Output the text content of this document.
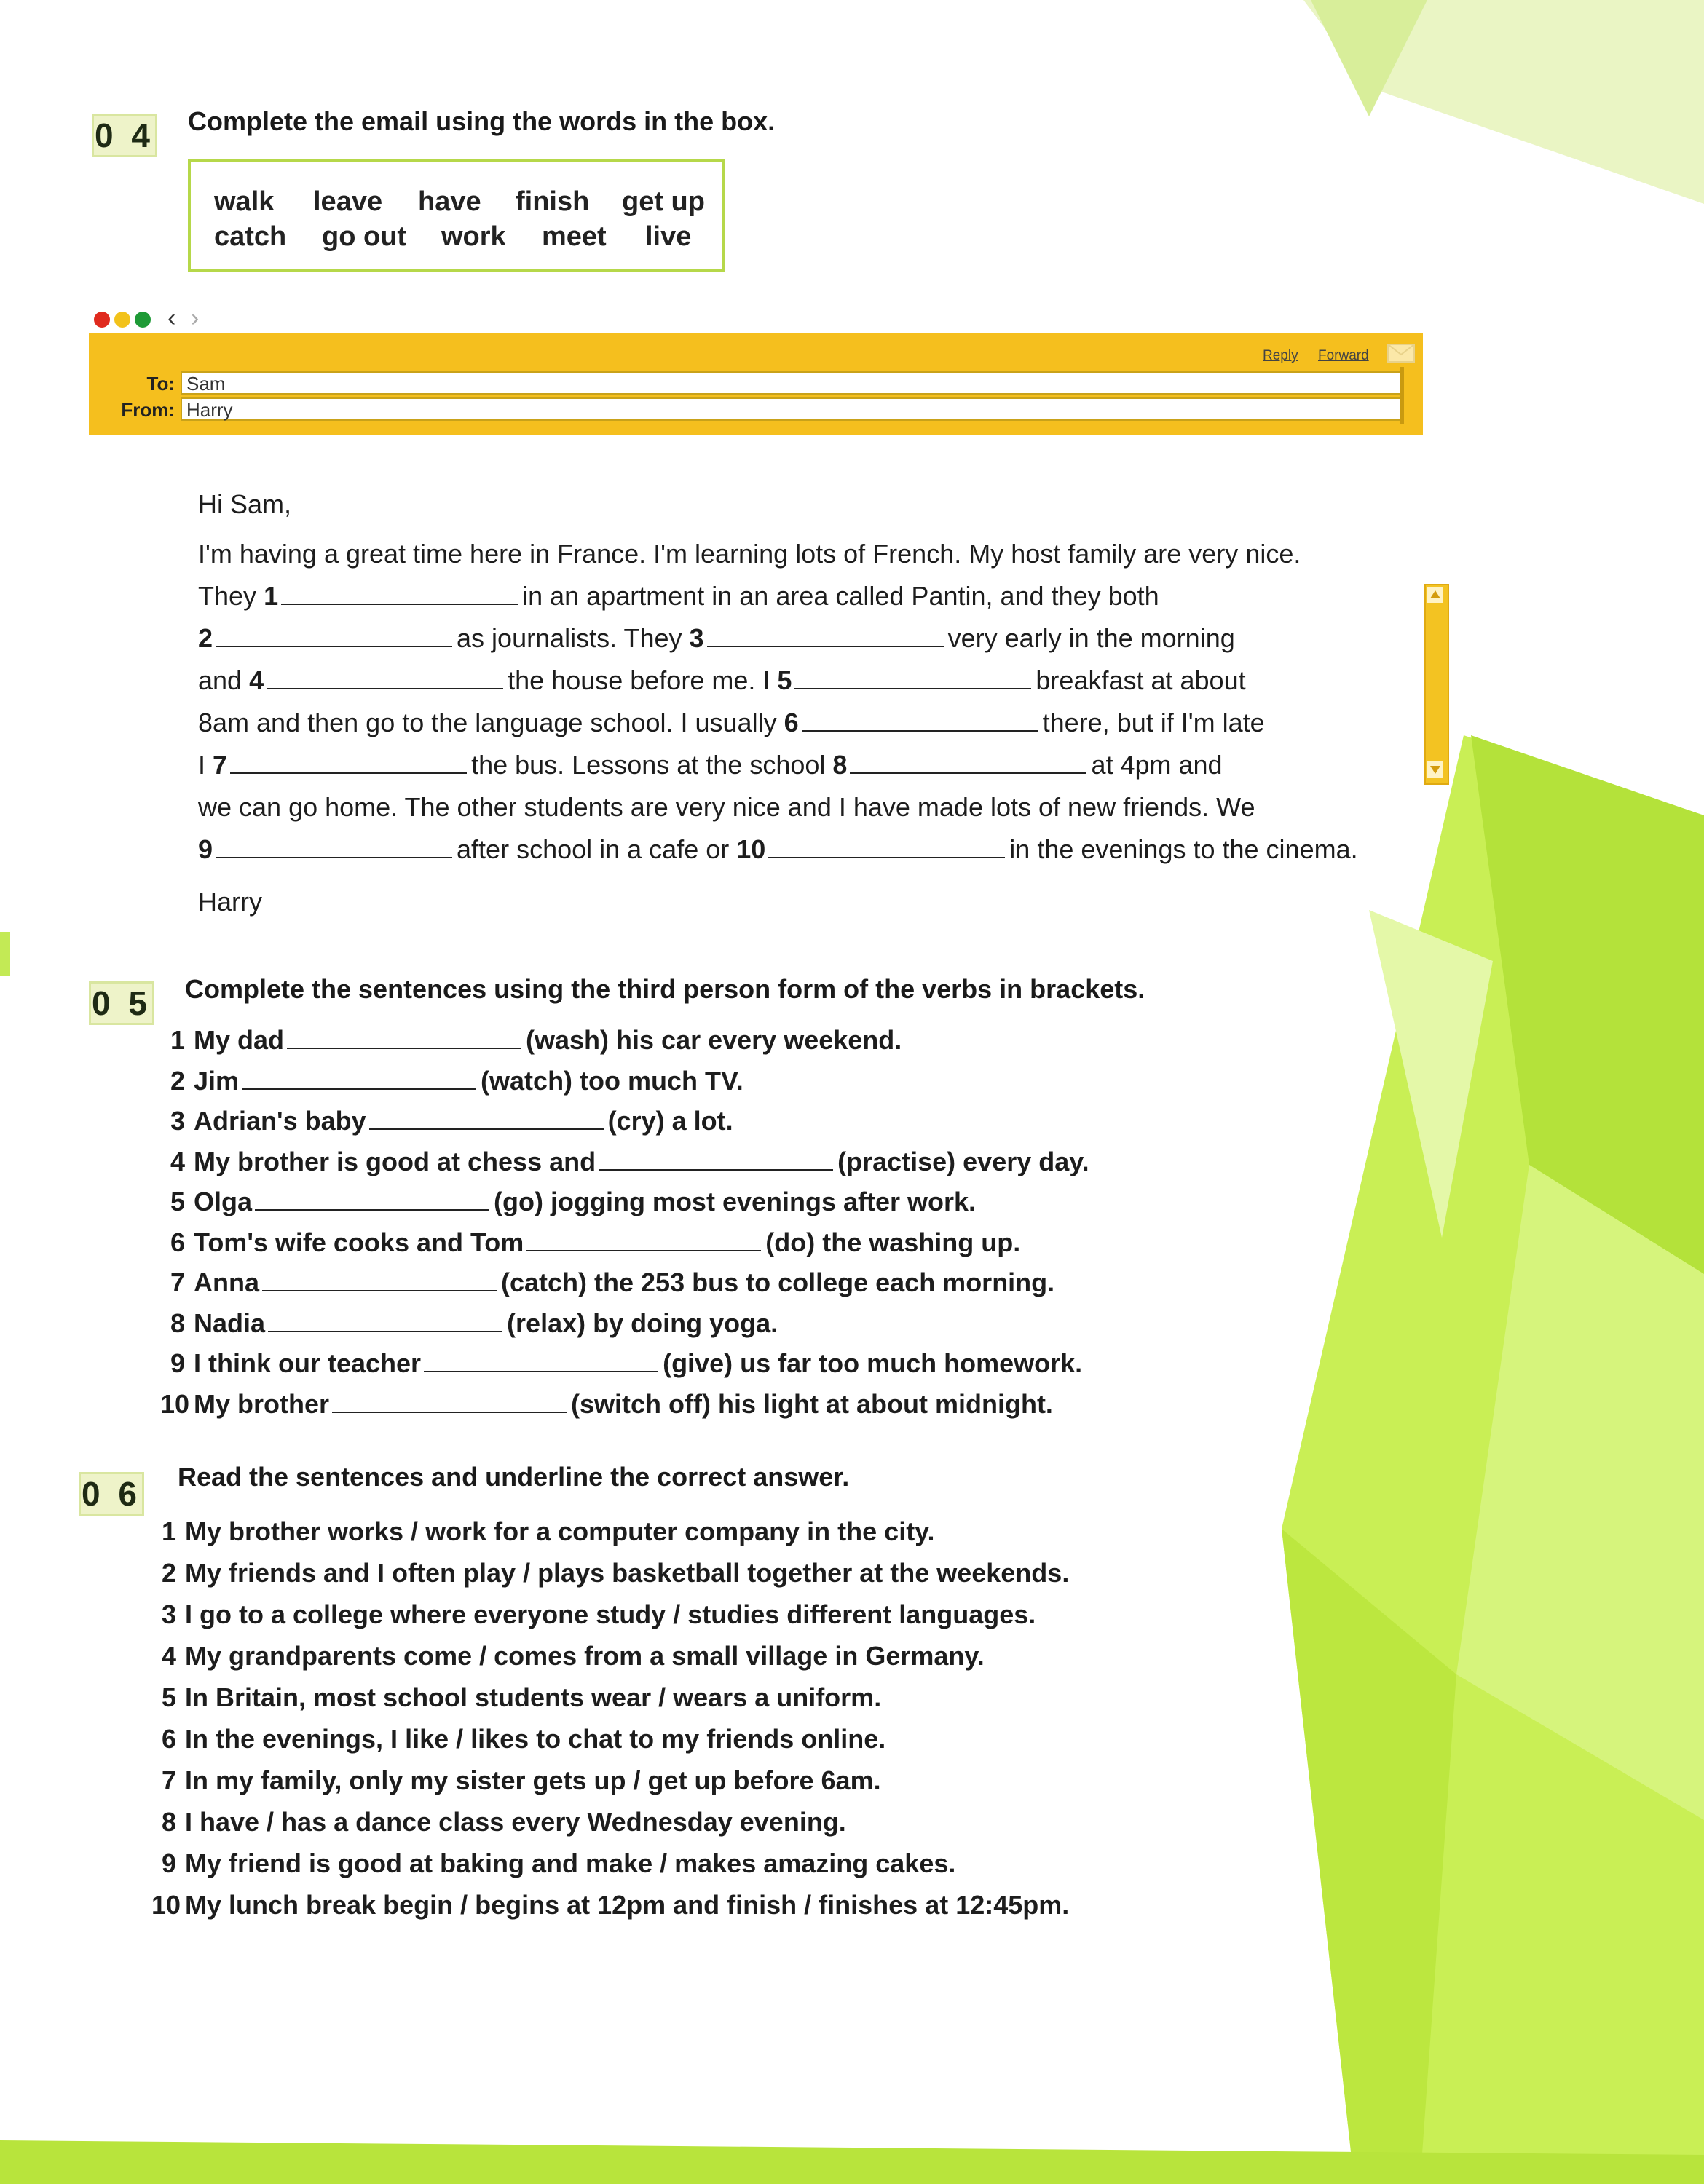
0 4 Complete the email using the words in the box.
walk leave have finish get up
catch go out work meet live
‹ ›
Reply Forward
To: Sam
From: Harry
Hi Sam,
I'm having a great time here in France. I'm learning lots of French. My host family are very nice.
They 1	in an apartment in an area called Pantin, and they both
2	as journalists. They 3	very early in the morning
and 4	the house before me. I 5	breakfast at about
8am and then go to the language school. I usually 6	there, but if I'm late
I 7	the bus. Lessons at the school 8	at 4pm and
we can go home. The other students are very nice and I have made lots of new friends. We
9	after school in a cafe or 10	in the evenings to the cinema.
Harry
0 5 Complete the sentences using the third person form of the verbs in brackets.
1 My dad	(wash) his car every weekend.
2 Jim	(watch) too much TV.
3 Adrian's baby	(cry) a lot.
4 My brother is good at chess and	(practise) every day.
5 Olga	(go) jogging most evenings after work.
6 Tom's wife cooks and Tom	(do) the washing up.
7 Anna	(catch) the 253 bus to college each morning.
8 Nadia	(relax) by doing yoga.
9 I think our teacher	(give) us far too much homework.
10 My brother	(switch off) his light at about midnight.
0 6 Read the sentences and underline the correct answer.
1 My brother works / work for a computer company in the city.
2 My friends and I often play / plays basketball together at the weekends.
3 I go to a college where everyone study / studies different languages.
4 My grandparents come / comes from a small village in Germany.
5 In Britain, most school students wear / wears a uniform.
6 In the evenings, I like / likes to chat to my friends online.
7 In my family, only my sister gets up / get up before 6am.
8 I have / has a dance class every Wednesday evening.
9 My friend is good at baking and make / makes amazing cakes.
10 My lunch break begin / begins at 12pm and finish / finishes at 12:45pm.
